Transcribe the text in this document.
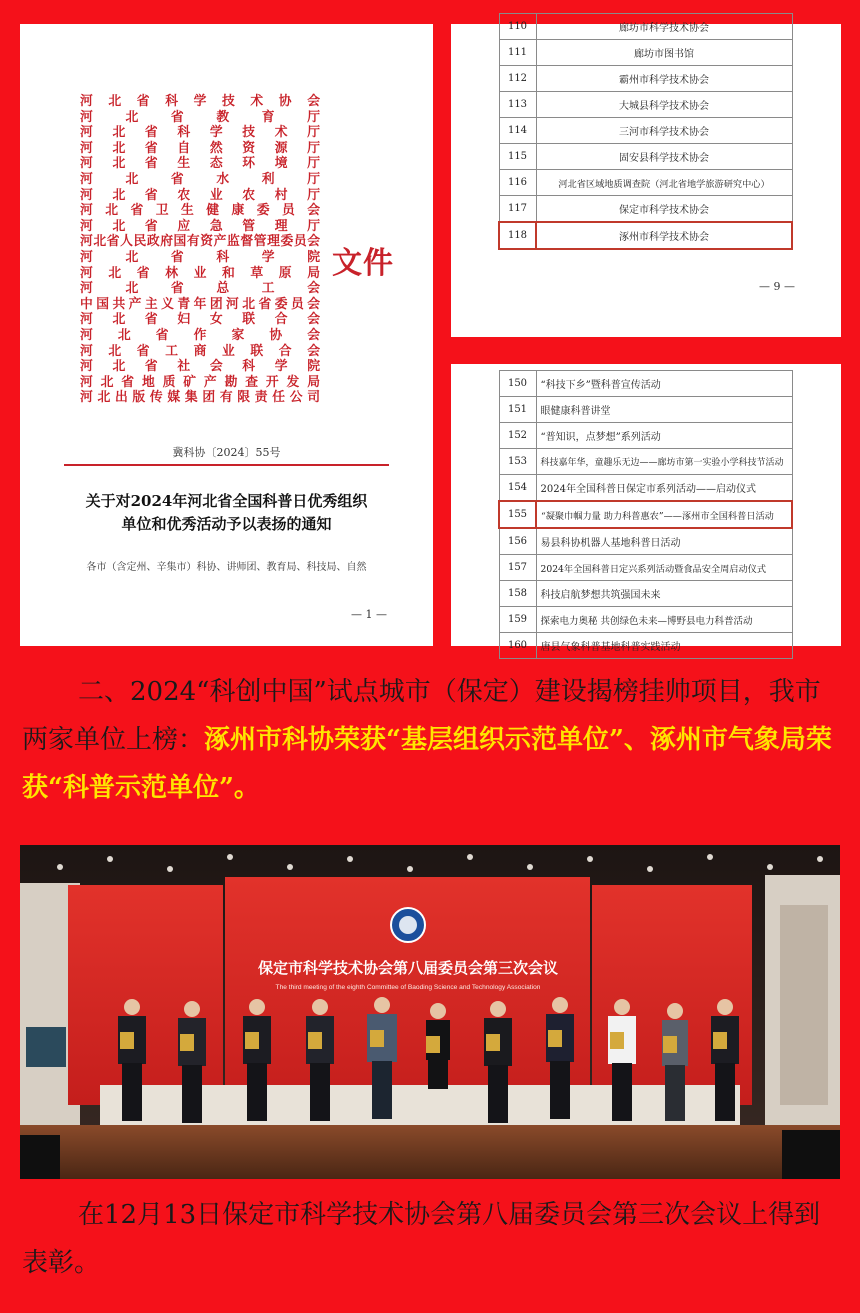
河北省科学技术协会
河北省教育厅
河北省科学技术厅
河北省自然资源厅
河北省生态环境厅
河北省水利厅
河北省农业农村厅
河北省卫生健康委员会
河北省应急管理厅
河北省人民政府国有资产监督管理委员会
河北省科学院
河北省林业和草原局
河北省总工会
中国共产主义青年团河北省委员会
河北省妇女联合会
河北省作家协会
河北省工商业联合会
河北省社会科学院
河北省地质矿产勘查开发局
河北出版传媒集团有限责任公司
文件
冀科协〔2024〕55号
关于对2024年河北省全国科普日优秀组织
单位和优秀活动予以表扬的通知
各市（含定州、辛集市）科协、讲师团、教育局、科技局、自然
— 1 —
110	廊坊市科学技术协会
111	廊坊市图书馆
112	霸州市科学技术协会
113	大城县科学技术协会
114	三河市科学技术协会
115	固安县科学技术协会
116	河北省区域地质调查院（河北省地学旅游研究中心）
117	保定市科学技术协会
118	涿州市科学技术协会
— 9 —
150	“科技下乡”暨科普宣传活动
151	眼健康科普讲堂
152	“普知识，点梦想”系列活动
153	科技嘉年华，童趣乐无边——廊坊市第一实验小学科技节活动
154	2024年全国科普日保定市系列活动——启动仪式
155	“凝聚巾帼力量 助力科普惠农”——涿州市全国科普日活动
156	易县科协机器人基地科普日活动
157	2024年全国科普日定兴系列活动暨食品安全周启动仪式
158	科技启航梦想共筑强国未来
159	探索电力奥秘 共创绿色未来—博野县电力科普活动
160	唐县气象科普基地科普实践活动
二、2024“科创中国”试点城市（保定）建设揭榜挂帅项目，我市两家单位上榜：涿州市科协荣获“基层组织示范单位”、涿州市气象局荣获“科普示范单位”。
保定市科学技术协会第八届委员会第三次会议
The third meeting of the eighth Committee of Baoding Science and Technology Association
在12月13日保定市科学技术协会第八届委员会第三次会议上得到表彰。
